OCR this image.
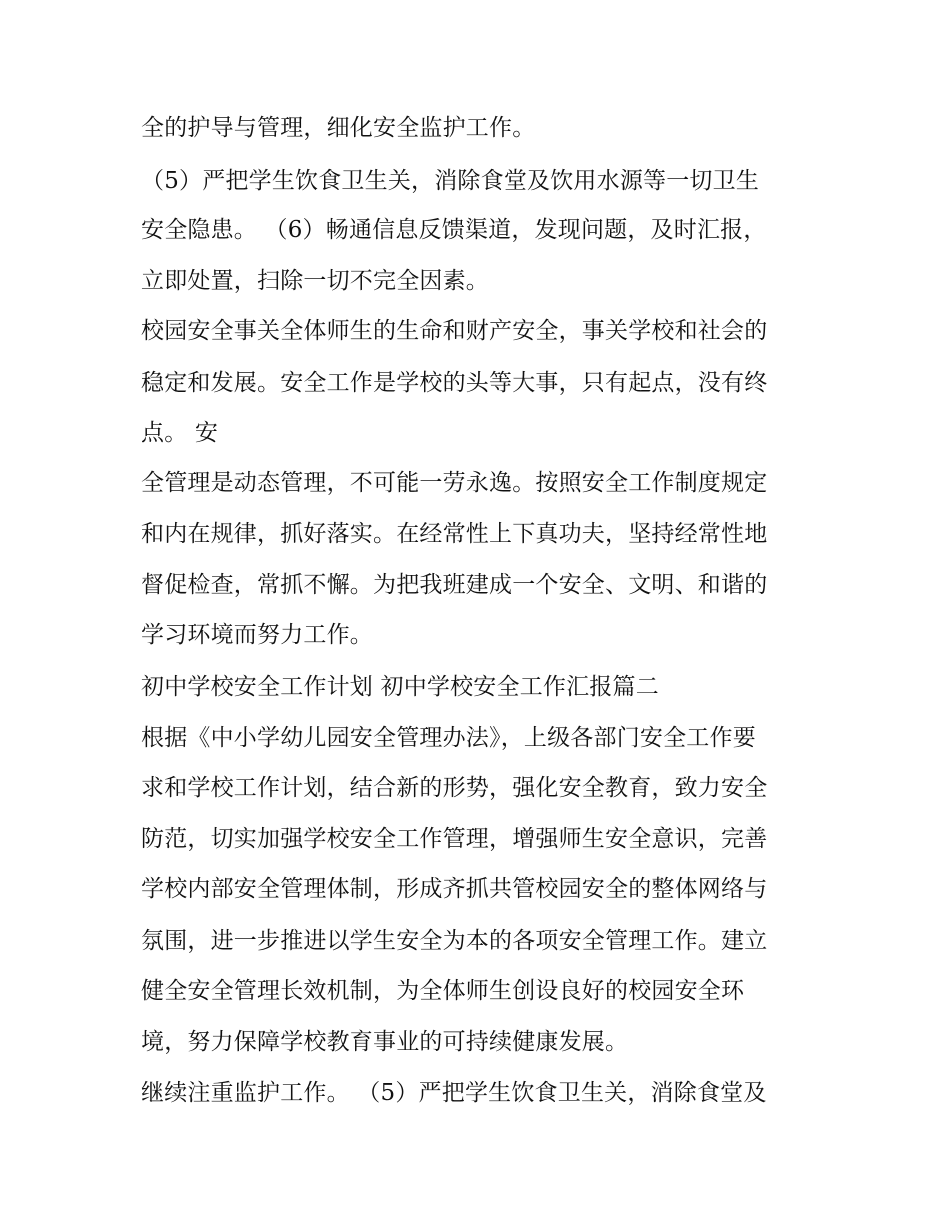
全的护导与管理，细化安全监护工作。
（5）严把学生饮食卫生关，消除食堂及饮用水源等一切卫生
安全隐患。 （6）畅通信息反馈渠道，发现问题，及时汇报，
立即处置，扫除一切不完全因素。
校园安全事关全体师生的生命和财产安全，事关学校和社会的
稳定和发展。安全工作是学校的头等大事，只有起点，没有终
点。 安
全管理是动态管理，不可能一劳永逸。按照安全工作制度规定
和内在规律，抓好落实。在经常性上下真功夫，坚持经常性地
督促检查，常抓不懈。为把我班建成一个安全、文明、和谐的
学习环境而努力工作。
初中学校安全工作计划 初中学校安全工作汇报篇二
根据《中小学幼儿园安全管理办法》，上级各部门安全工作要
求和学校工作计划，结合新的形势，强化安全教育，致力安全
防范，切实加强学校安全工作管理，增强师生安全意识，完善
学校内部安全管理体制，形成齐抓共管校园安全的整体网络与
氛围，进一步推进以学生安全为本的各项安全管理工作。建立
健全安全管理长效机制，为全体师生创设良好的校园安全环
境，努力保障学校教育事业的可持续健康发展。
继续注重监护工作。 （5）严把学生饮食卫生关，消除食堂及
